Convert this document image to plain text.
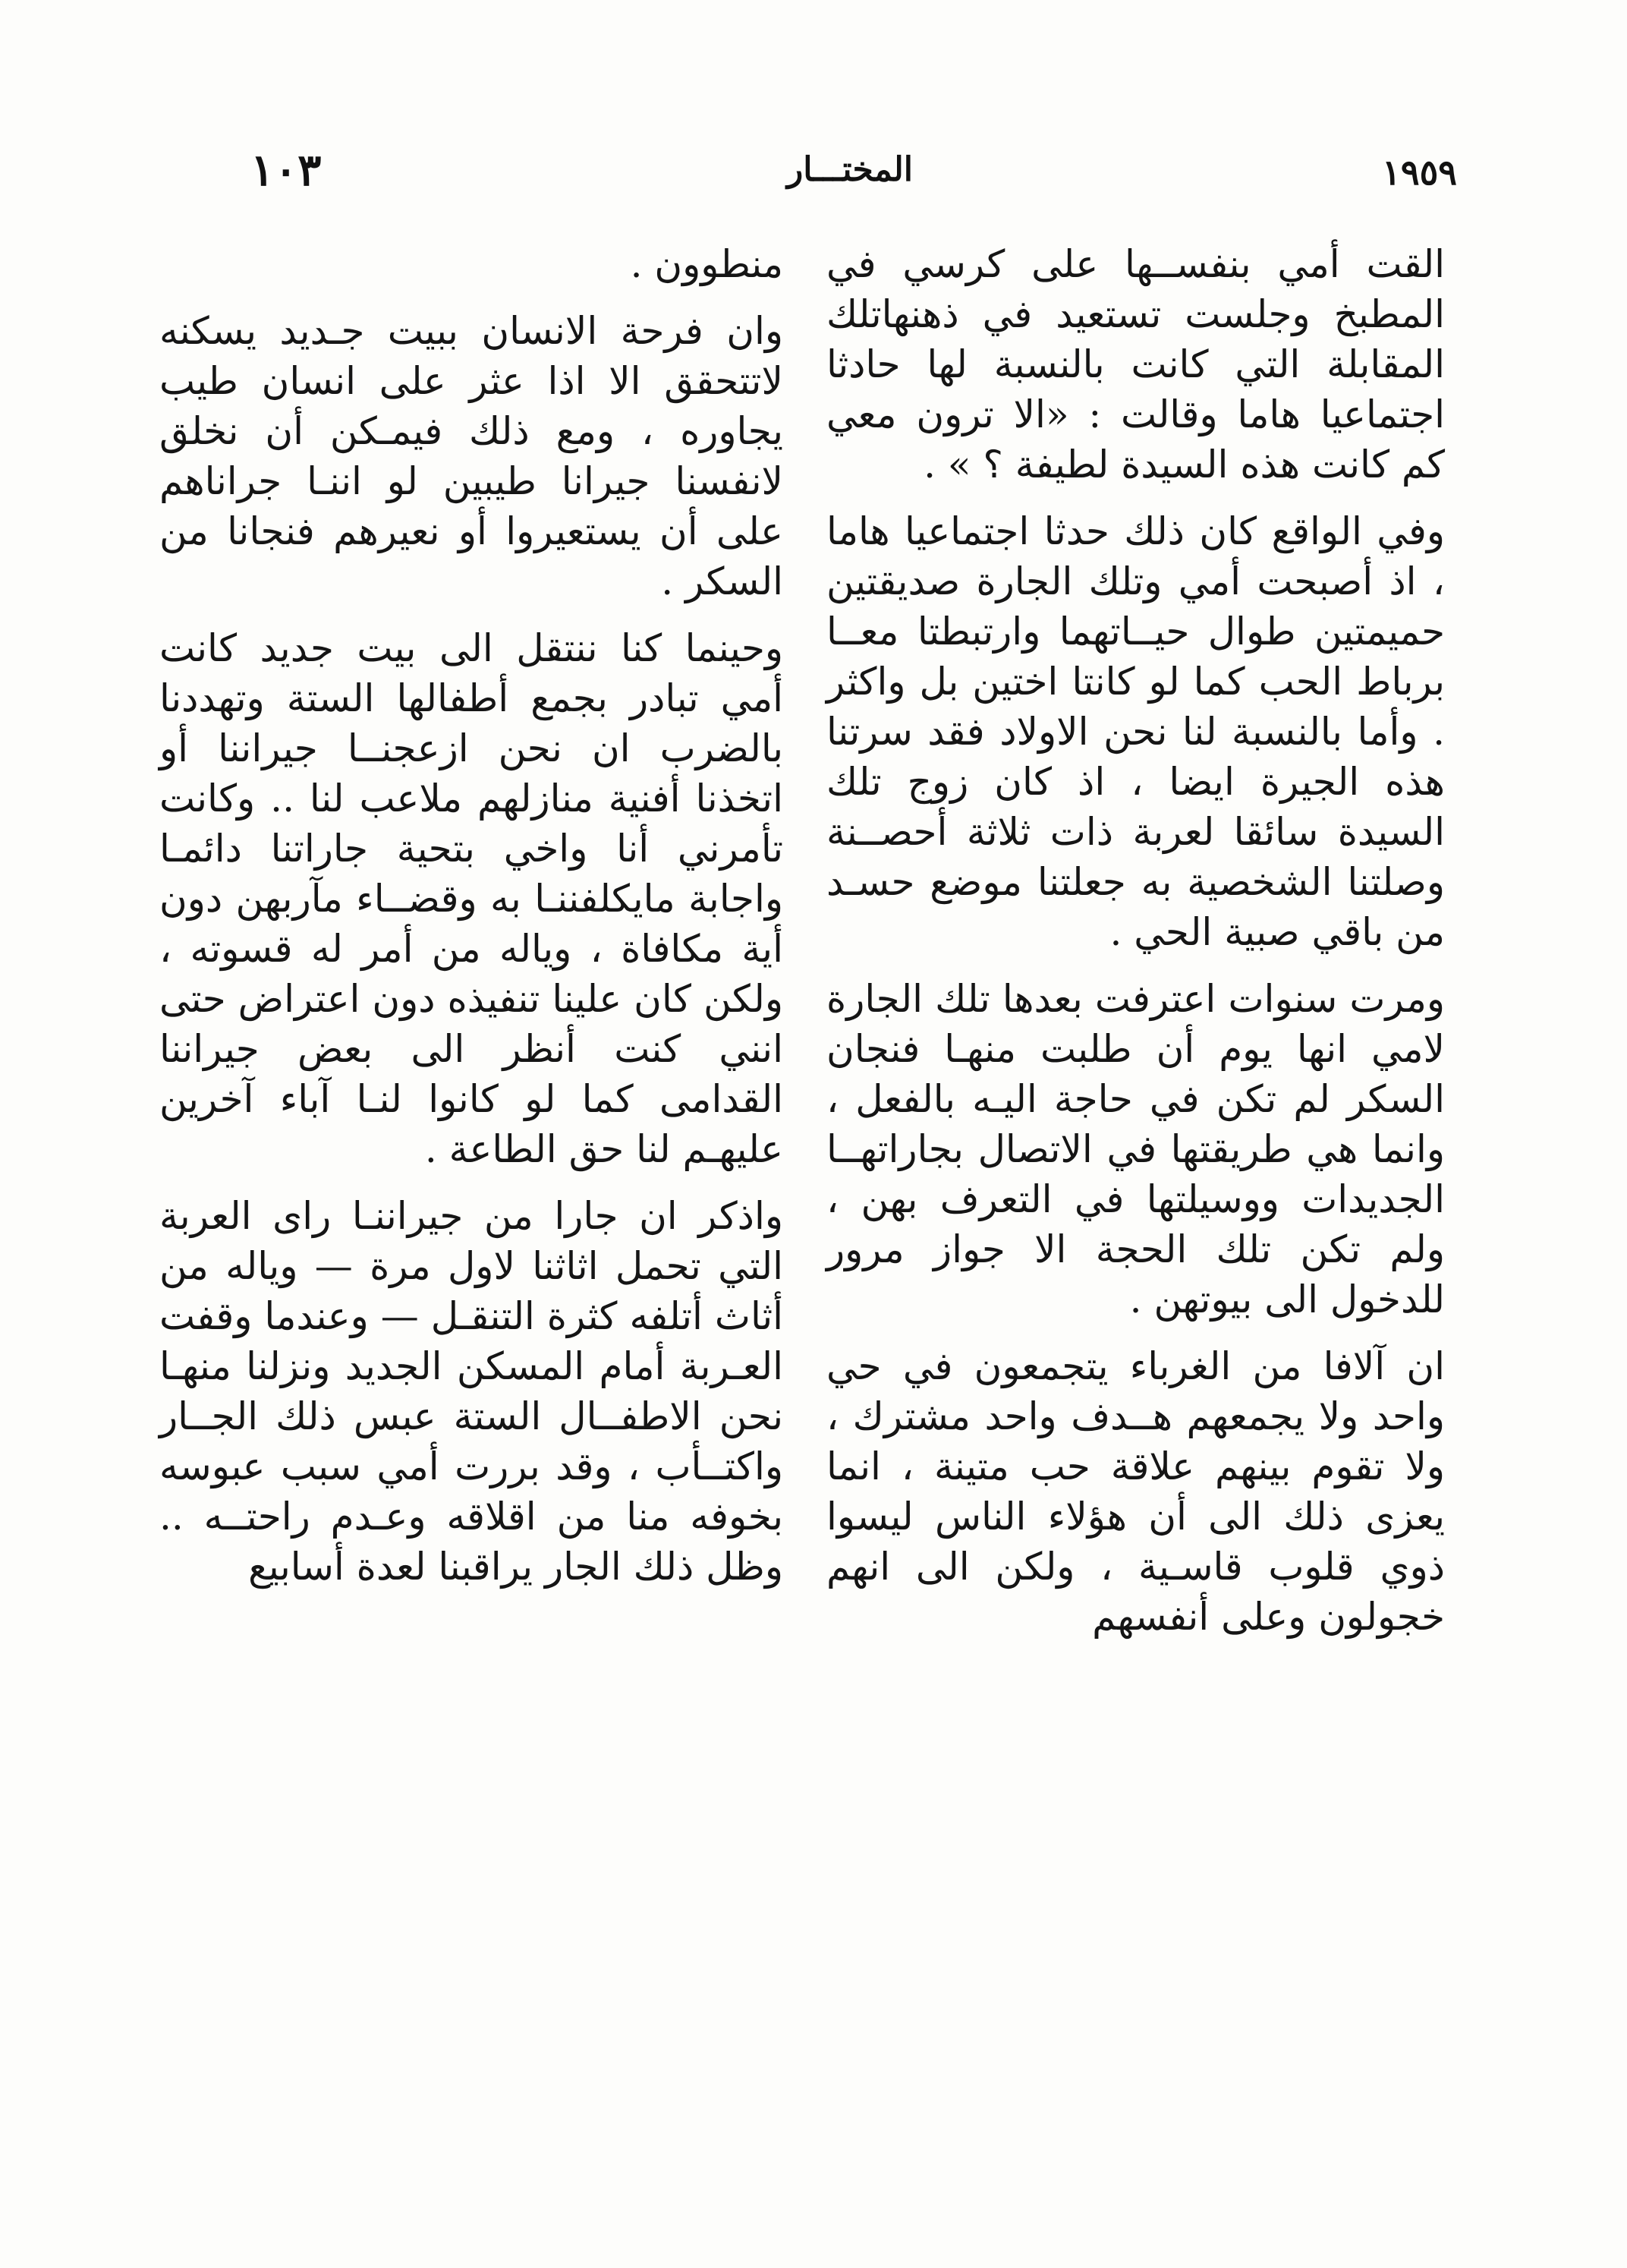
١٠٣	المختـــار	١٩٥٩

القت أمي بنفســها على كرسي في المطبخ وجلست تستعيد في ذهنهاتلك المقابلة التي كانت بالنسبة لها حادثا اجتماعيا هاما وقالت : «الا ترون معي كم كانت هذه السيدة لطيفة ؟ » .

وفي الواقع كان ذلك حدثا اجتماعيا هاما ، اذ أصبحت أمي وتلك الجارة صديقتين حميمتين طوال حيــاتهما وارتبطتا معــا برباط الحب كما لو كانتا اختين بل واكثر . وأما بالنسبة لنا نحن الاولاد فقد سرتنا هذه الجيرة ايضا ، اذ كان زوج تلك السيدة سائقا لعربة ذات ثلاثة أحصــنة وصلتنا الشخصية به جعلتنا موضع حسـد من باقي صبية الحي .

ومرت سنوات اعترفت بعدها تلك الجارة لامي انها يوم أن طلبت منهـا فنجان السكر لم تكن في حاجة اليـه بالفعل ، وانما هي طريقتها في الاتصال بجاراتهــا الجديدات ووسيلتها في التعرف بهن ، ولم تكن تلك الحجة الا جواز مرور للدخول الى بيوتهن .

ان آلافا من الغرباء يتجمعون في حي واحد ولا يجمعهم هــدف واحد مشترك ، ولا تقوم بينهم علاقة حب متينة ، انما يعزى ذلك الى أن هؤلاء الناس ليسوا ذوي قلوب قاسـية ، ولكن الى انهم خجولون وعلى أنفسهم

منطوون .

وان فرحة الانسان ببيت جـديد يسكنه لاتتحقق الا اذا عثر على انسان طيب يجاوره ، ومع ذلك فيمـكن أن نخلق لانفسنا جيرانا طيبين لو اننـا جراناهم على أن يستعيروا أو نعيرهم فنجانا من السكر .

وحينما كنا ننتقل الى بيت جديد كانت أمي تبادر بجمع أطفالها الستة وتهددنا بالضرب ان نحن ازعجنــا جيراننا أو اتخذنا أفنية منازلهم ملاعب لنا .. وكانت تأمرني أنا واخي بتحية جاراتنا دائمـا واجابة مايكلفننـا به وقضــاء مآربهن دون أية مكافاة ، وياله من أمر له قسوته ، ولكن كان علينا تنفيذه دون اعتراض حتى انني كنت أنظر الى بعض جيراننا القدامى كما لو كانوا لنـا آباء آخرين عليهـم لنا حق الطاعة .

واذكر ان جارا من جيراننـا راى العربة التي تحمل اثاثنا لاول مرة — وياله من أثاث أتلفه كثرة التنقـل — وعندما وقفت العـربة أمام المسكن الجديد ونزلنا منهـا نحن الاطفــال الستة عبس ذلك الجــار واكتــأب ، وقد بررت أمي سبب عبوسه بخوفه منا من اقلاقه وعـدم راحتــه .. وظل ذلك الجار يراقبنا لعدة أسابيع
